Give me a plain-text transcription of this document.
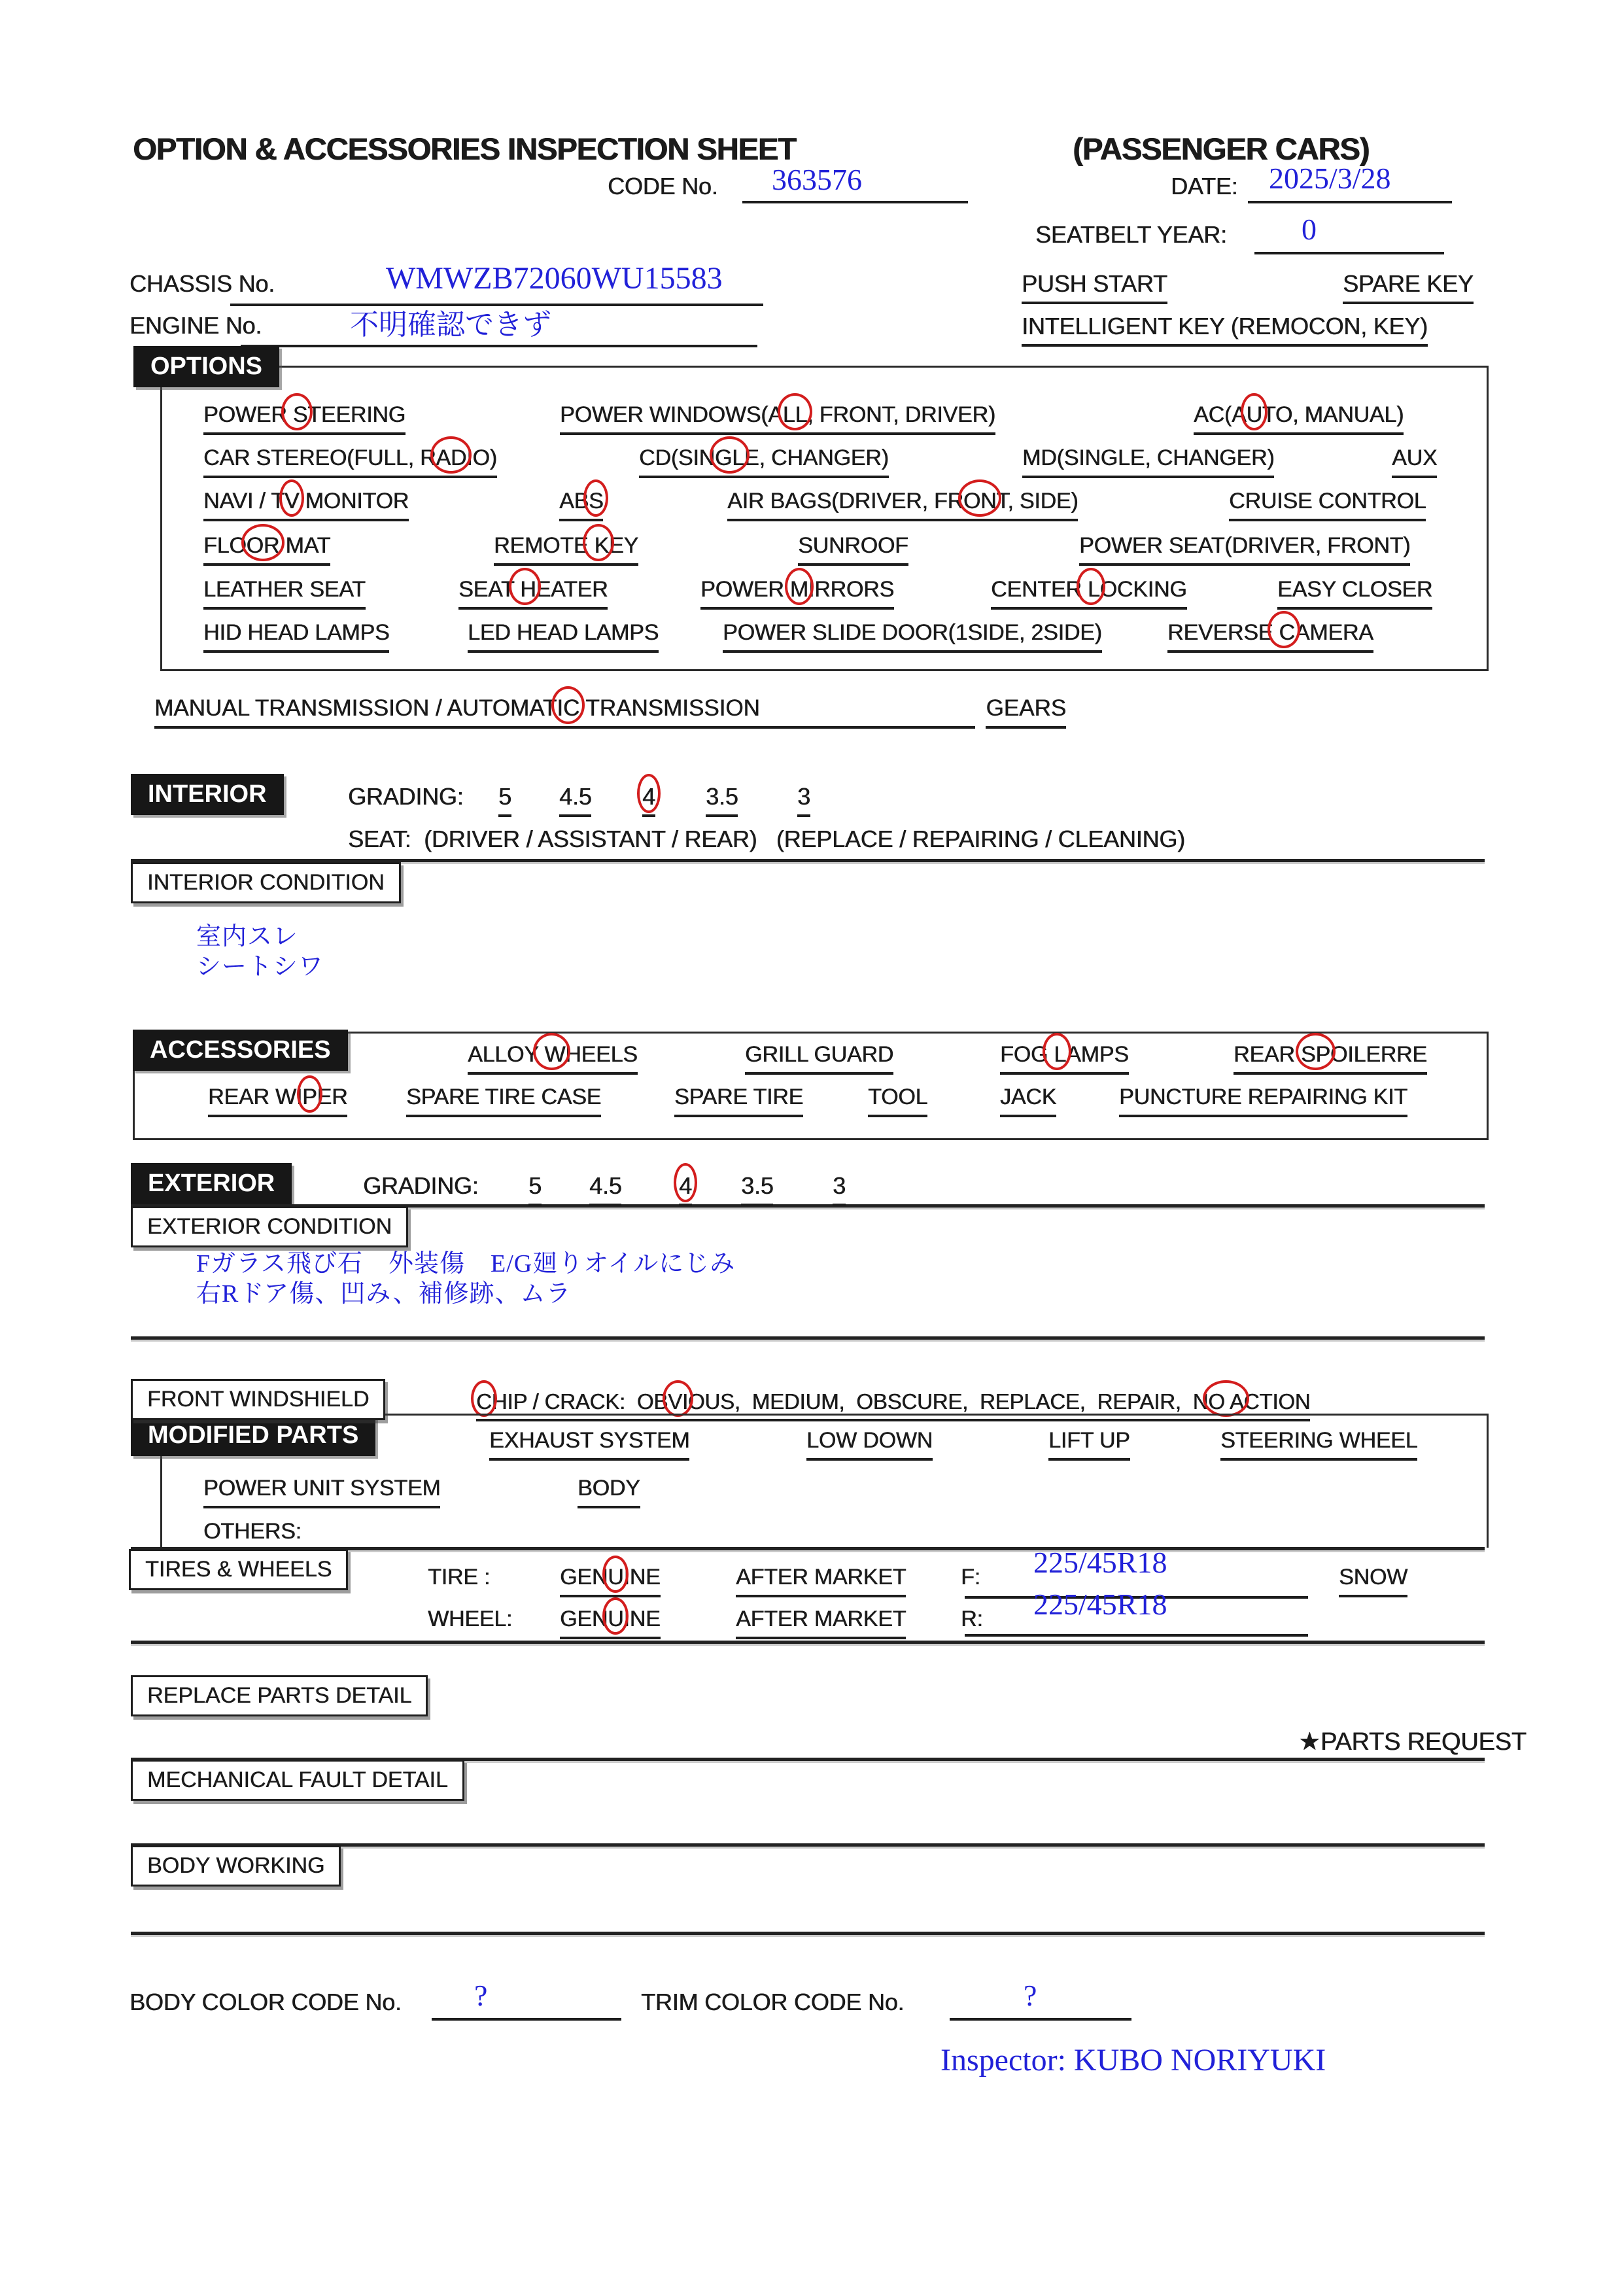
OPTION & ACCESSORIES INSPECTION SHEET	(PASSENGER CARS)
CODE No. 363576	DATE: 2025/3/28
SEATBELT YEAR: 0
CHASSIS No.	WMWZB72060WU15583
ENGINE No.	不明確認できず
PUSH START	SPARE KEY
INTELLIGENT KEY (REMOCON, KEY)
OPTIONS
MANUAL TRANSMISSION / AUTOMATIC TRANSMISSION	GEARS
INTERIOR	GRADING:
SEAT:  (DRIVER / ASSISTANT / REAR)   (REPLACE / REPAIRING / CLEANING)
INTERIOR CONDITION
ACCESSORIES
EXTERIOR	GRADING:
EXTERIOR CONDITION
FRONT WINDSHIELD	CHIP / CRACK:  OBVIOUS,  MEDIUM,  OBSCURE,  REPLACE,  REPAIR,  NO ACTION
MODIFIED PARTS
TIRES & WHEELS	TIRE :	GENUINE	AFTER MARKET F: 225/45R18	SNOW
WHEEL: GENUINE	AFTER MARKET R: 225/45R18
REPLACE PARTS DETAIL
★PARTS REQUEST
MECHANICAL FAULT DETAIL
BODY WORKING
BODY COLOR CODE No. ?	TRIM COLOR CODE No.	?
Inspector: KUBO NORIYUKI
POWER STEERING	POWER WINDOWS(ALL, FRONT, DRIVER)	AC(AUTO, MANUAL)
CAR STEREO(FULL, RADIO)	CD(SINGLE, CHANGER)	MD(SINGLE, CHANGER)	AUX
NAVI / TV MONITOR	ABS	AIR BAGS(DRIVER, FRONT, SIDE)	CRUISE CONTROL
FLOOR MAT	REMOTE KEY	SUNROOF	POWER SEAT(DRIVER, FRONT)
LEATHER SEAT	SEAT HEATER	POWER MIRRORS	CENTER LOCKING	EASY CLOSER
HID HEAD LAMPS	LED HEAD LAMPS	POWER SLIDE DOOR(1SIDE, 2SIDE)	REVERSE CAMERA
5 4.5 4 3.5	3
5 4.5 4 3.5	3
室内スレ
シートシワ
Fガラス飛び石　外装傷　E/G廻りオイルにじみ
右Rドア傷、凹み、補修跡、ムラ
ALLOY WHEELS	GRILL GUARD	FOG LAMPS	REAR SPOILERRE
REAR WIPER	SPARE TIRE CASE	SPARE TIRE	TOOL	JACK	PUNCTURE REPAIRING KIT
EXHAUST SYSTEM	LOW DOWN	LIFT UP	STEERING WHEEL
POWER UNIT SYSTEM	BODY
OTHERS:
